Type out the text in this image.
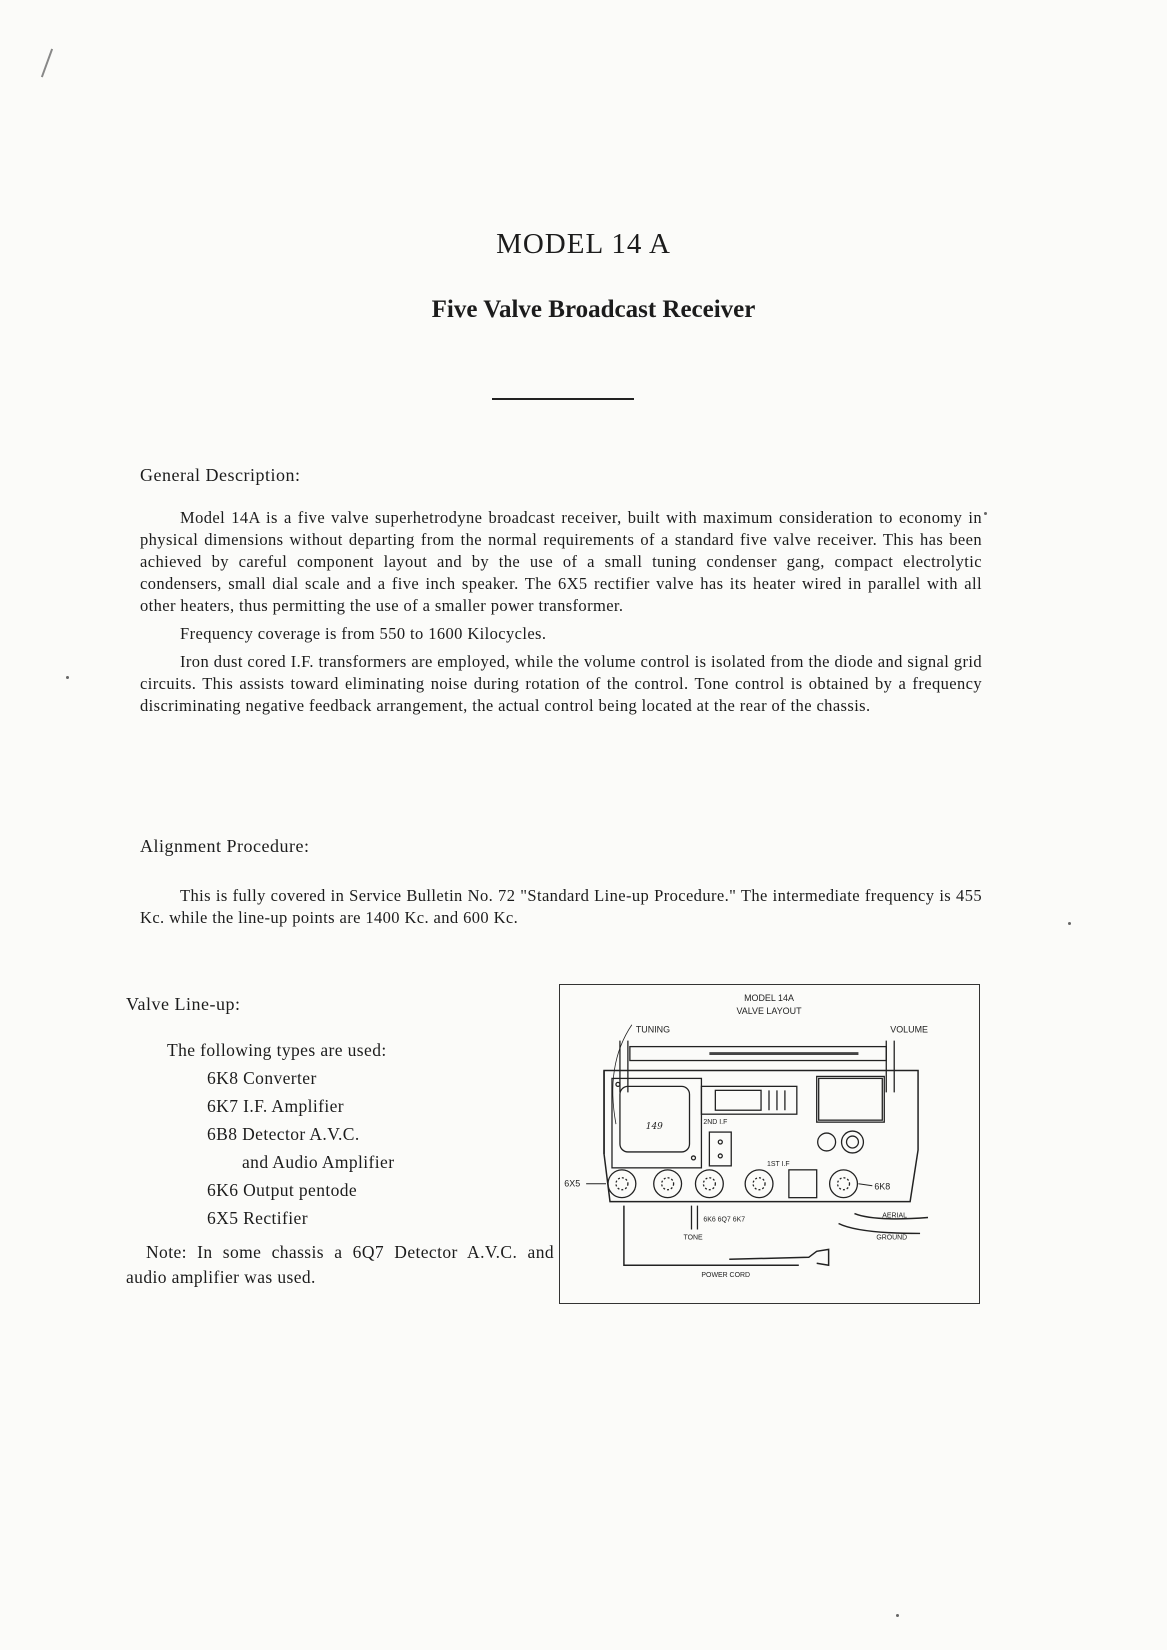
MODEL 14 A
Five Valve Broadcast Receiver
General Description:

Model 14A is a five valve superhetrodyne broadcast receiver, built with maximum consideration to economy in physical dimensions without departing from the normal requirements of a standard five valve receiver. This has been achieved by careful component layout and by the use of a small tuning condenser gang, compact electrolytic condensers, small dial scale and a five inch speaker. The 6X5 rectifier valve has its heater wired in parallel with all other heaters, thus permitting the use of a smaller power transformer.

Frequency coverage is from 550 to 1600 Kilocycles.

Iron dust cored I.F. transformers are employed, while the volume control is isolated from the diode and signal grid circuits. This assists toward eliminating noise during rotation of the control. Tone control is obtained by a frequency discriminating negative feedback arrangement, the actual control being located at the rear of the chassis.

Alignment Procedure:

This is fully covered in Service Bulletin No. 72 "Standard Line-up Procedure." The intermediate frequency is 455 Kc. while the line-up points are 1400 Kc. and 600 Kc.

Valve Line-up:

The following types are used:

6K8 Converter
6K7 I.F. Amplifier
6B8 Detector A.V.C.
and Audio Amplifier
6K6 Output pentode
6X5 Rectifier
Note: In some chassis a 6Q7 Detector A.V.C. and audio amplifier was used.
MODEL 14A
VALVE LAYOUT
TUNING	VOLUME
149	2ND I.F
1ST I.F
6X5	6K8
AERIAL
GROUND
6K6 6Q7 6K7
TONE
POWER CORD
